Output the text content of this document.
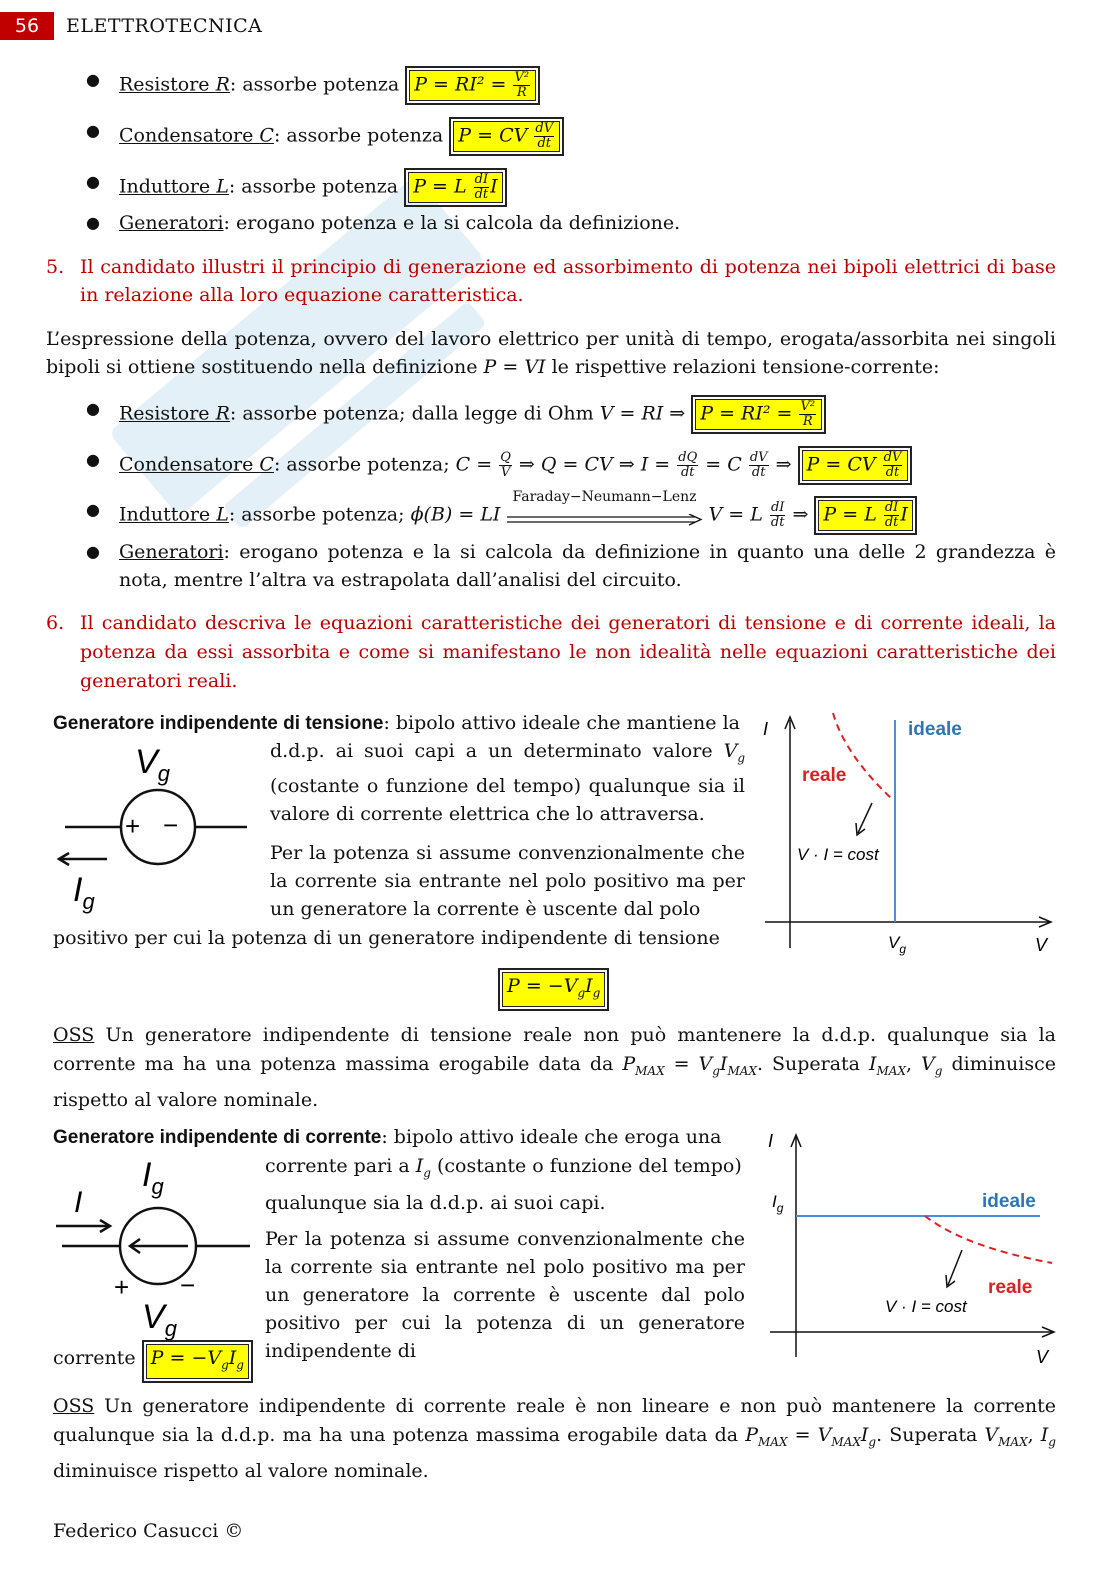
56	ELETTROTECNICA
● Resistore R: assorbe potenza $P = RI^2 = \frac{\text{V²}}{R}$
● Condensatore C: assorbe potenza P = CV $\frac{dV}{dt}$
● Induttore L: assorbe potenza P = L $\frac{dI}{dt}$ I
● Generatori: erogano potenza e la si calcola da definizione.
5. Il candidato illustri il principio di generazione ed assorbimento di potenza nei bipoli elettrici di base in relazione alla loro equazione caratteristica.
L’espressione della potenza, ovvero del lavoro elettrico per unità di tempo, erogata/assorbita nei singoli bipoli si ottiene sostituendo nella definizione P = VI le rispettive relazioni tensione-corrente:
● Resistore R: assorbe potenza; dalla legge di Ohm V = RI ⇒ $P = RI^2 = \frac{\text{V²}}{R}$
● Condensatore C: assorbe potenza; $C = \frac{Q}{V}$ ⇒ Q = CV ⇒ $I = \frac{dQ}{dt} = C \frac{dV}{dt}$ ⇒ P = CV $\frac{dV}{dt}$
● Induttore L: assorbe potenza; ϕ(B) = LI
Faraday−Neumann−Lenz
V = L $\frac{dI}{dt}$ ⇒ P = L $\frac{dI}{dt}$ I
● Generatori: erogano potenza e la si calcola da definizione in quanto una delle 2 grandezza è nota, mentre l’altra va estrapolata dall’analisi del circuito.
6. Il candidato descriva le equazioni caratteristiche dei generatori di tensione e di corrente ideali, la potenza da essi assorbita e come si manifestano le non idealità nelle equazioni caratteristiche dei generatori reali.
Generatore indipendente di tensione: bipolo attivo ideale che mantiene la
d.d.p. ai suoi capi a un determinato valore $V_g$ (costante o funzione del tempo) qualunque sia il valore di corrente elettrica che lo attraversa.
Per la potenza si assume convenzionalmente che la corrente sia entrante nel polo positivo ma per un generatore la corrente è uscente dal polo
positivo per cui la potenza di un generatore indipendente di tensione
$V_g$
+ −
$I_g$
I
V
ideale
reale
V · I = cost
$V_g$
$P = -V_gI_g$
OSS Un generatore indipendente di tensione reale non può mantenere la d.d.p. qualunque sia la corrente ma ha una potenza massima erogabile data da $P_{MAX} = V_gI_{MAX}$. Superata $I_{MAX}$, $V_g$ diminuisce rispetto al valore nominale.
Generatore indipendente di corrente: bipolo attivo ideale che eroga una
corrente pari a $I_g$ (costante o funzione del tempo) qualunque sia la d.d.p. ai suoi capi.
Per la potenza si assume convenzionalmente che la corrente sia entrante nel polo positivo ma per un generatore la corrente è uscente dal polo positivo per cui la potenza di un generatore indipendente di
corrente $P = -V_gI_g$
$I_g$
I
+ −
$V_g$
I
V
$I_g$	ideale
reale
V · I = cost
OSS Un generatore indipendente di corrente reale è non lineare e non può mantenere la corrente qualunque sia la d.d.p. ma ha una potenza massima erogabile data da $P_{MAX} = V_{MAX}I_g$. Superata $V_{MAX}$, $I_g$ diminuisce rispetto al valore nominale.
Federico Casucci ©
